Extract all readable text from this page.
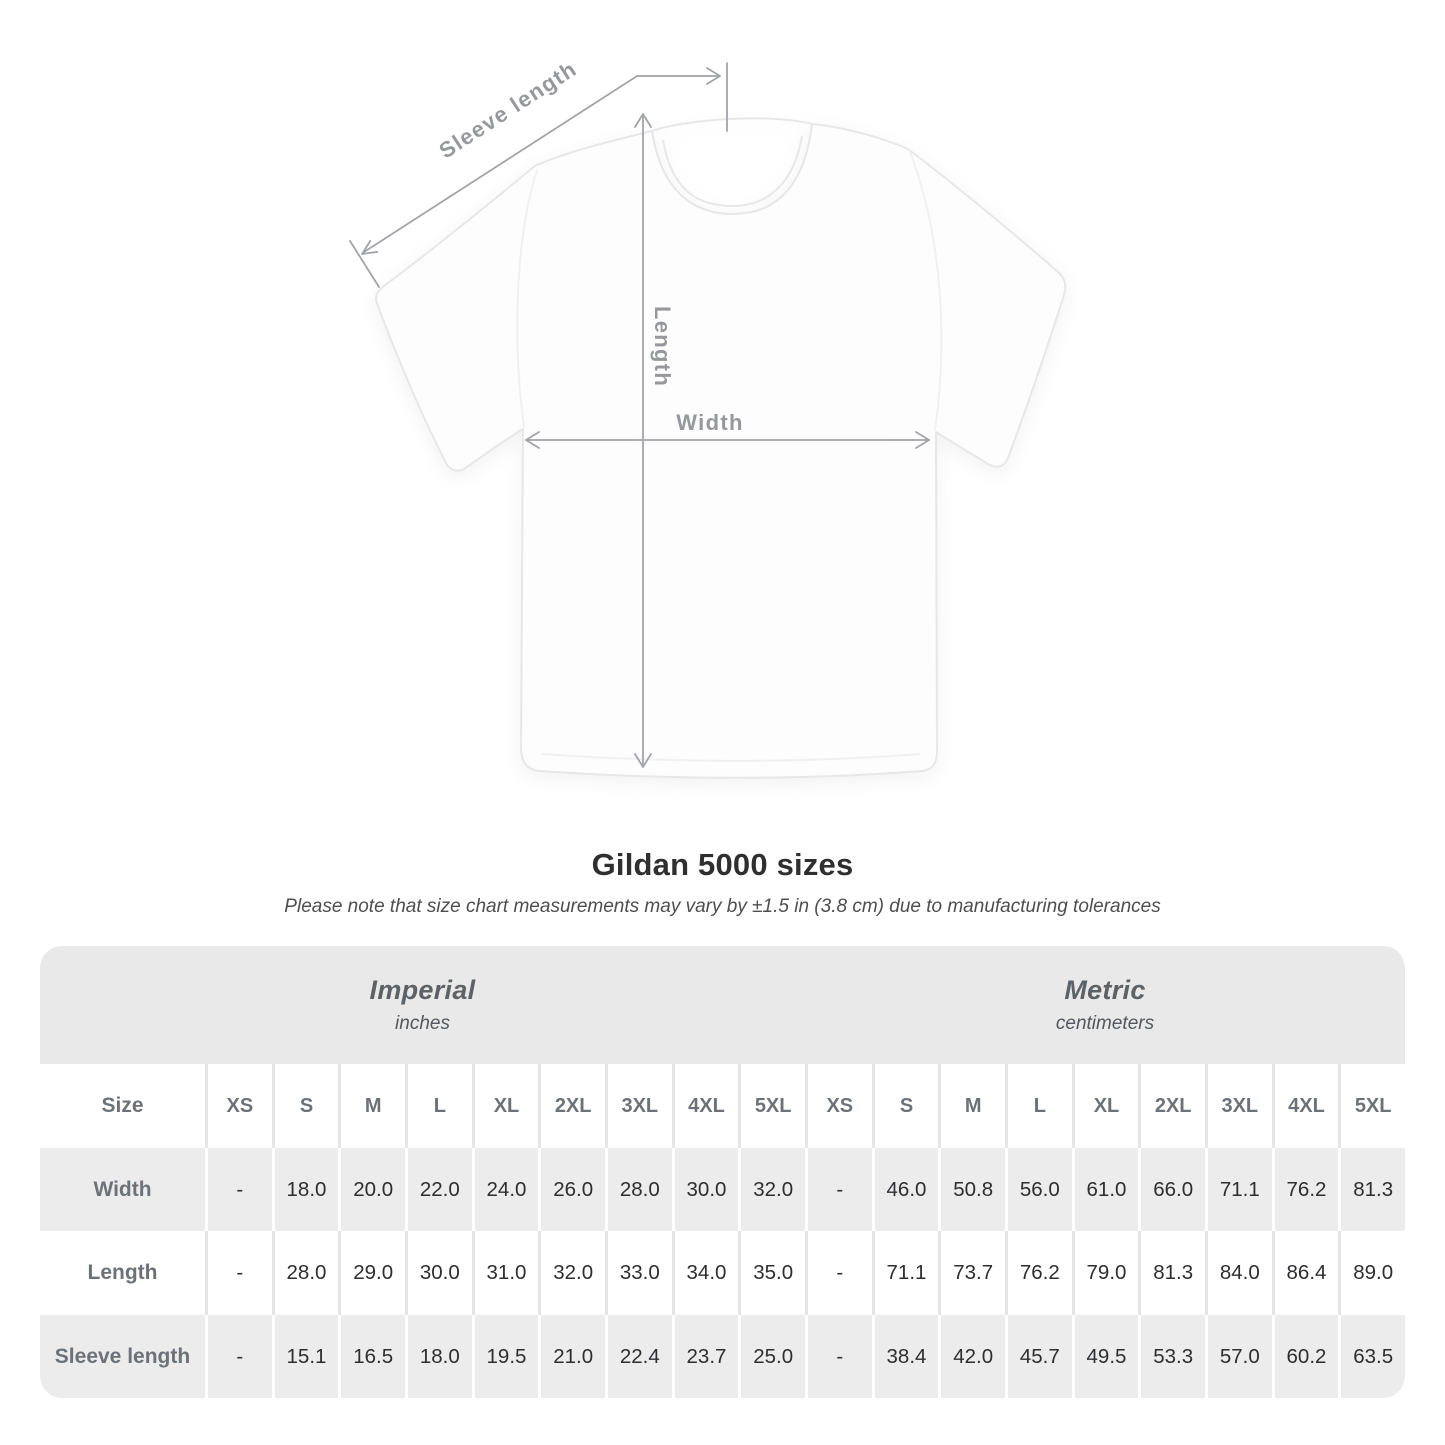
Length
Width
Sleeve length
Gildan 5000 sizes
Please note that size chart measurements may vary by ±1.5 in (3.8 cm) due to manufacturing tolerances
Imperial
inches
Metric
centimeters
Size	XS	S	M	L	XL	2XL	3XL	4XL	5XL	XS	S	M	L	XL	2XL	3XL	4XL	5XL
Width	-	18.0	20.0	22.0	24.0	26.0	28.0	30.0	32.0	-	46.0	50.8	56.0	61.0	66.0	71.1	76.2	81.3
Length	-	28.0	29.0	30.0	31.0	32.0	33.0	34.0	35.0	-	71.1	73.7	76.2	79.0	81.3	84.0	86.4	89.0
Sleeve length	-	15.1	16.5	18.0	19.5	21.0	22.4	23.7	25.0	-	38.4	42.0	45.7	49.5	53.3	57.0	60.2	63.5
